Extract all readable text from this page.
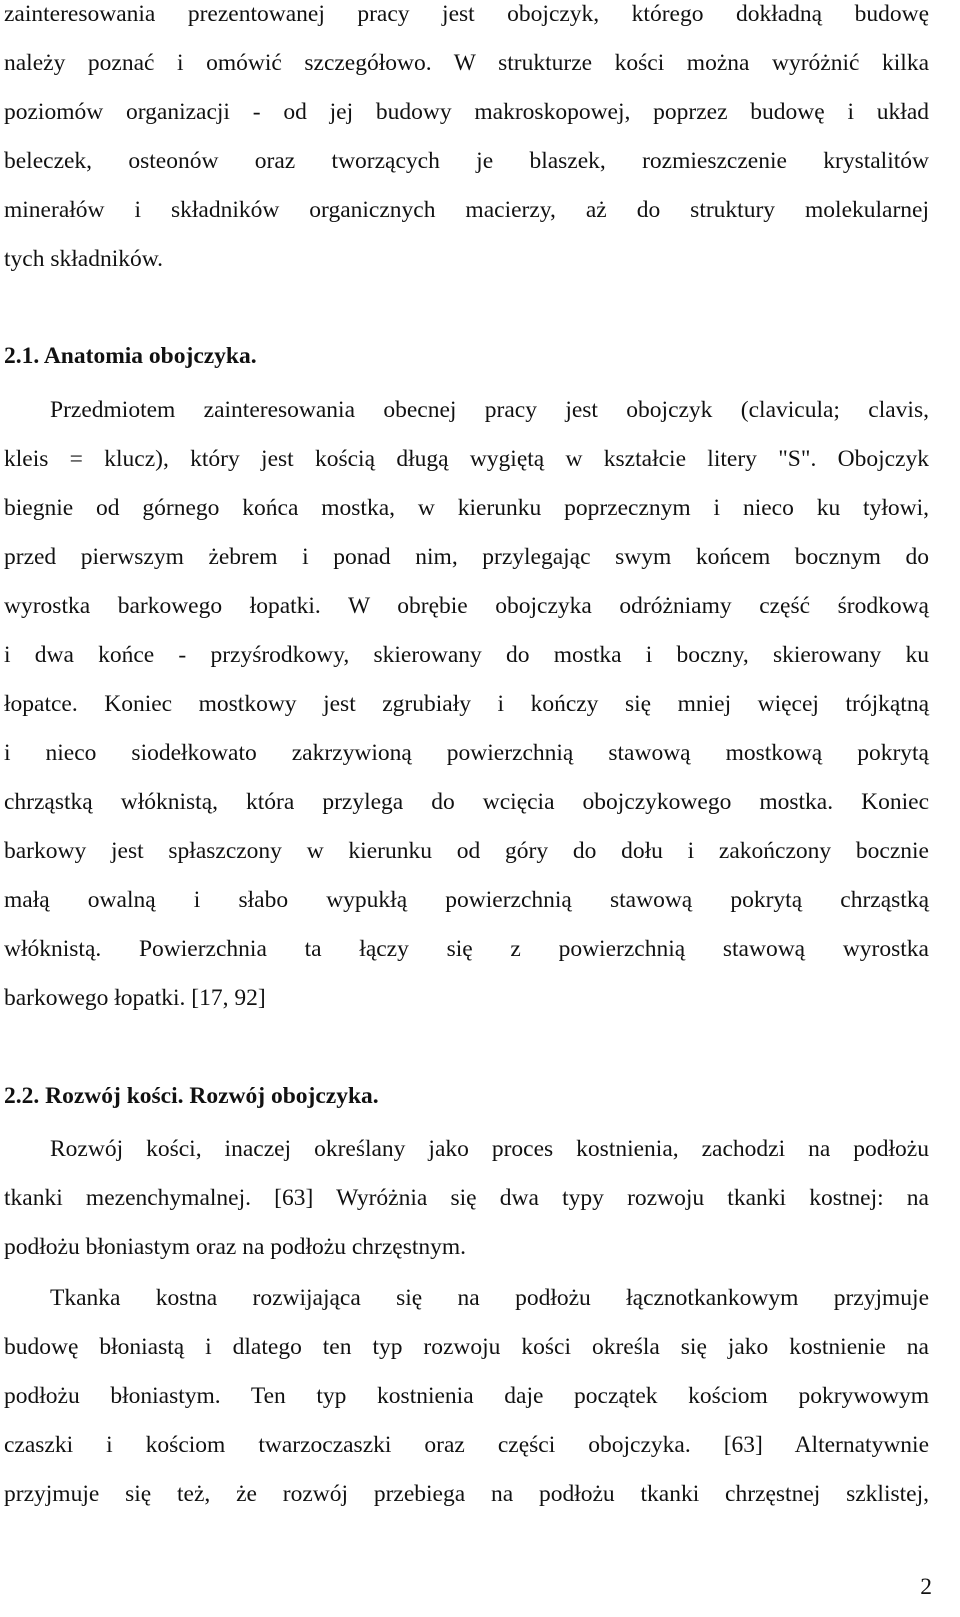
zainteresowania prezentowanej pracy jest obojczyk, którego dokładną budowę
należy poznać i omówić szczegółowo. W strukturze kości można wyróżnić kilka
poziomów organizacji - od jej budowy makroskopowej, poprzez budowę i układ
beleczek, osteonów oraz tworzących je blaszek, rozmieszczenie krystalitów
minerałów i składników organicznych macierzy, aż do struktury molekularnej
tych składników.
2.1. Anatomia obojczyka.
Przedmiotem zainteresowania obecnej pracy jest obojczyk (clavicula; clavis,
kleis = klucz), który jest kością długą wygiętą w kształcie litery "S". Obojczyk
biegnie od górnego końca mostka, w kierunku poprzecznym i nieco ku tyłowi,
przed pierwszym żebrem i ponad nim, przylegając swym końcem bocznym do
wyrostka barkowego łopatki. W obrębie obojczyka odróżniamy część środkową
i dwa końce - przyśrodkowy, skierowany do mostka i boczny, skierowany ku
łopatce. Koniec mostkowy jest zgrubiały i kończy się mniej więcej trójkątną
i nieco siodełkowato zakrzywioną powierzchnią stawową mostkową pokrytą
chrząstką włóknistą, która przylega do wcięcia obojczykowego mostka. Koniec
barkowy jest spłaszczony w kierunku od góry do dołu i zakończony bocznie
małą owalną i słabo wypukłą powierzchnią stawową pokrytą chrząstką
włóknistą. Powierzchnia ta łączy się z powierzchnią stawową wyrostka
barkowego łopatki. [17, 92]
2.2. Rozwój kości. Rozwój obojczyka.
Rozwój kości, inaczej określany jako proces kostnienia, zachodzi na podłożu
tkanki mezenchymalnej. [63] Wyróżnia się dwa typy rozwoju tkanki kostnej: na
podłożu błoniastym oraz na podłożu chrzęstnym.
Tkanka kostna rozwijająca się na podłożu łącznotkankowym przyjmuje
budowę błoniastą i dlatego ten typ rozwoju kości określa się jako kostnienie na
podłożu błoniastym. Ten typ kostnienia daje początek kościom pokrywowym
czaszki i kościom twarzoczaszki oraz części obojczyka. [63] Alternatywnie
przyjmuje się też, że rozwój przebiega na podłożu tkanki chrzęstnej szklistej,
2
